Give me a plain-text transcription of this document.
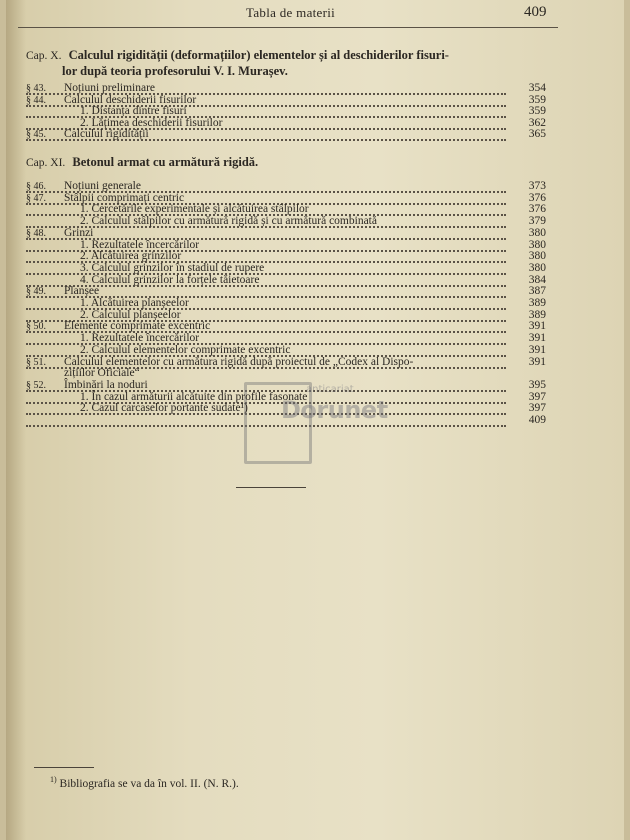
Tabla de materii	409
Cap. X. Calculul rigidității (deformațiilor) elementelor și al deschiderilor fisuri-
lor după teoria profesorului V. I. Murașev.
§ 43. Noțiuni preliminare	354
§ 44. Calculul deschiderii fisurilor	359
1. Distanța dintre fisuri	359
2. Lățimea deschiderii fisurilor	362
§ 45. Calculul rigidității	365
Cap. XI. Betonul armat cu armătură rigidă.
§ 46. Noțiuni generale	373
§ 47. Stâlpii comprimați centric	376
1. Cercetările experimentale și alcătuirea stâlpilor	376
2. Calculul stâlpilor cu armătură rigidă și cu armătură combinată	379
§ 48. Grinzi	380
1. Rezultatele încercărilor	380
2. Alcătuirea grinzilor	380
3. Calculul grinzilor în stadiul de rupere	380
4. Calculul grinzilor la forțele tăietoare	384
§ 49. Planșee	387
1. Alcătuirea planșeelor	389
2. Calculul planșeelor	389
§ 50. Elemente comprimate excentric	391
1. Rezultatele încercărilor	391
2. Calculul elementelor comprimate excentric	391
§ 51. Calculul elementelor cu armătura rigidă după proiectul de „Codex al Dispo-	391
zițiilor Oficiale“
§ 52. Îmbinări la noduri	395
1. În cazul armăturii alcătuite din profile fasonate	397
2. Cazul carcaselor portante sudate¹)	397
409
$^{1)}$ Bibliografia se va da în vol. II. (N. R.).
anticariat
Dorunet
